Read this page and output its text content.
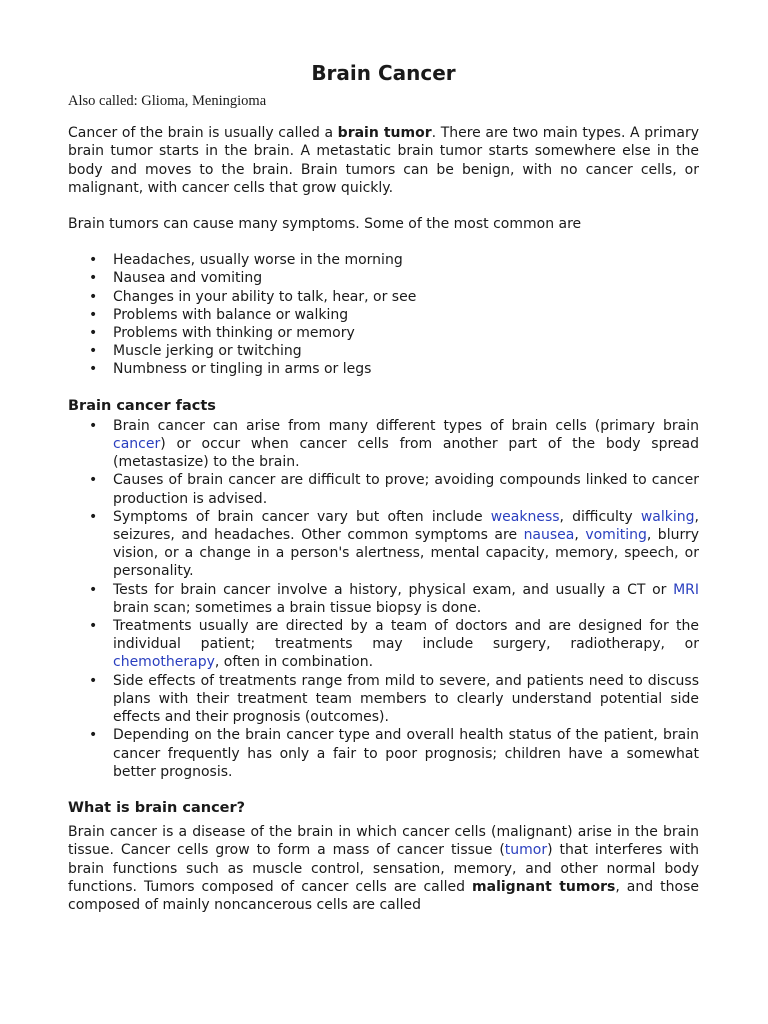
Brain Cancer
Also called: Glioma, Meningioma

Cancer of the brain is usually called a brain tumor. There are two main types. A primary brain tumor starts in the brain. A metastatic brain tumor starts somewhere else in the body and moves to the brain. Brain tumors can be benign, with no cancer cells, or malignant, with cancer cells that grow quickly.

Brain tumors can cause many symptoms. Some of the most common are

• Headaches, usually worse in the morning
• Nausea and vomiting
• Changes in your ability to talk, hear, or see
• Problems with balance or walking
• Problems with thinking or memory
• Muscle jerking or twitching
• Numbness or tingling in arms or legs
Brain cancer facts
• Brain cancer can arise from many different types of brain cells (primary brain cancer) or occur when cancer cells from another part of the body spread (metastasize) to the brain.
• Causes of brain cancer are difficult to prove; avoiding compounds linked to cancer production is advised.
• Symptoms of brain cancer vary but often include weakness, difficulty walking, seizures, and headaches. Other common symptoms are nausea, vomiting, blurry vision, or a change in a person's alertness, mental capacity, memory, speech, or personality.
• Tests for brain cancer involve a history, physical exam, and usually a CT or MRI brain scan; sometimes a brain tissue biopsy is done.
• Treatments usually are directed by a team of doctors and are designed for the individual patient; treatments may include surgery, radiotherapy, or chemotherapy, often in combination.
• Side effects of treatments range from mild to severe, and patients need to discuss plans with their treatment team members to clearly understand potential side effects and their prognosis (outcomes).
• Depending on the brain cancer type and overall health status of the patient, brain cancer frequently has only a fair to poor prognosis; children have a somewhat better prognosis.
What is brain cancer?

Brain cancer is a disease of the brain in which cancer cells (malignant) arise in the brain tissue. Cancer cells grow to form a mass of cancer tissue (tumor) that interferes with brain functions such as muscle control, sensation, memory, and other normal body functions. Tumors composed of cancer cells are called malignant tumors, and those composed of mainly noncancerous cells are called
